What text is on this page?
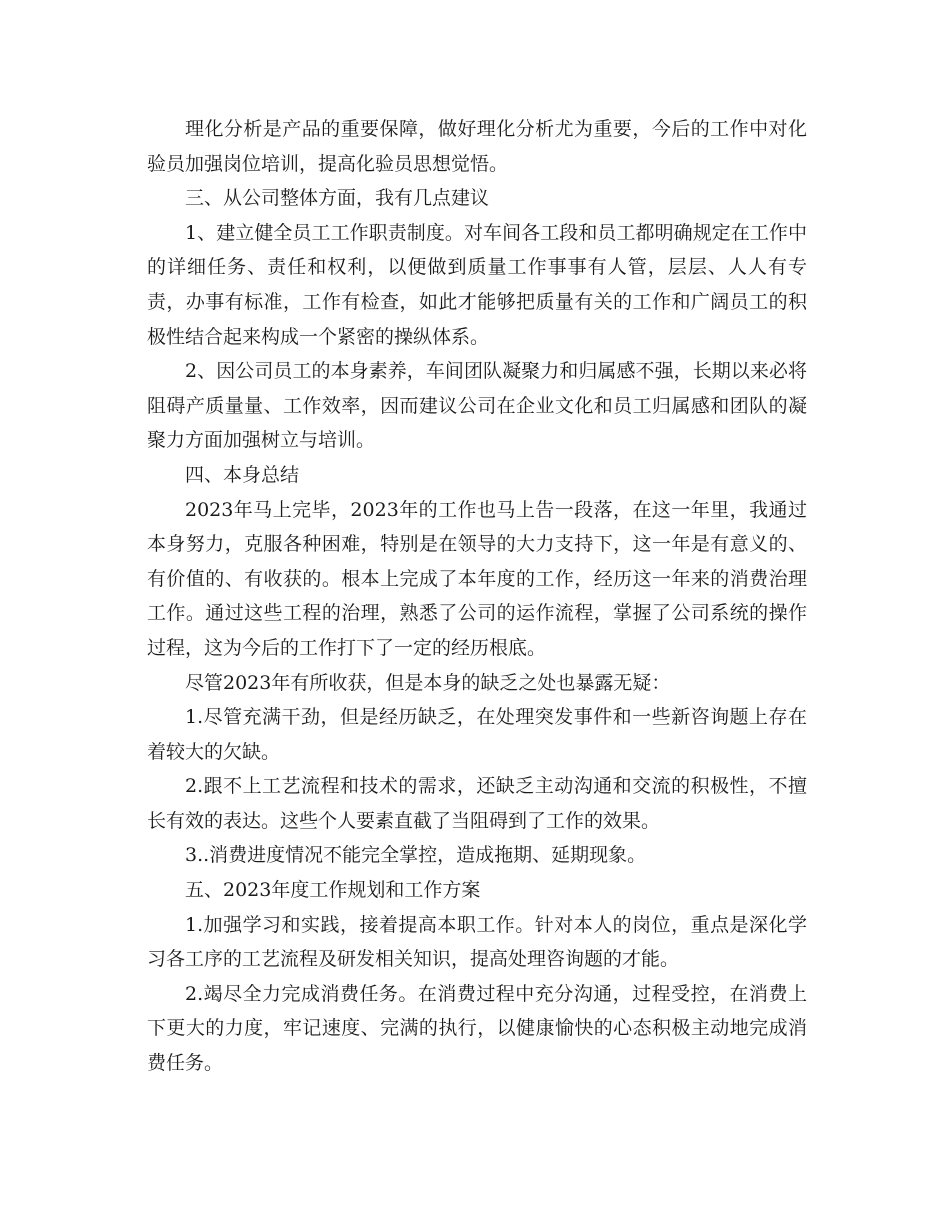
理化分析是产品的重要保障，做好理化分析尤为重要，今后的工作中对化验员加强岗位培训，提高化验员思想觉悟。

三、从公司整体方面，我有几点建议

1、建立健全员工工作职责制度。对车间各工段和员工都明确规定在工作中的详细任务、责任和权利，以便做到质量工作事事有人管，层层、人人有专责，办事有标准，工作有检查，如此才能够把质量有关的工作和广阔员工的积极性结合起来构成一个紧密的操纵体系。

2、因公司员工的本身素养，车间团队凝聚力和归属感不强，长期以来必将阻碍产质量量、工作效率，因而建议公司在企业文化和员工归属感和团队的凝聚力方面加强树立与培训。

四、本身总结

2023年马上完毕，2023年的工作也马上告一段落，在这一年里，我通过本身努力，克服各种困难，特别是在领导的大力支持下，这一年是有意义的、有价值的、有收获的。根本上完成了本年度的工作，经历这一年来的消费治理工作。通过这些工程的治理，熟悉了公司的运作流程，掌握了公司系统的操作过程，这为今后的工作打下了一定的经历根底。

尽管2023年有所收获，但是本身的缺乏之处也暴露无疑：

1.尽管充满干劲，但是经历缺乏，在处理突发事件和一些新咨询题上存在着较大的欠缺。

2.跟不上工艺流程和技术的需求，还缺乏主动沟通和交流的积极性，不擅长有效的表达。这些个人要素直截了当阻碍到了工作的效果。

3..消费进度情况不能完全掌控，造成拖期、延期现象。

五、2023年度工作规划和工作方案

1.加强学习和实践，接着提高本职工作。针对本人的岗位，重点是深化学习各工序的工艺流程及研发相关知识，提高处理咨询题的才能。

2.竭尽全力完成消费任务。在消费过程中充分沟通，过程受控，在消费上下更大的力度，牢记速度、完满的执行，以健康愉快的心态积极主动地完成消费任务。
